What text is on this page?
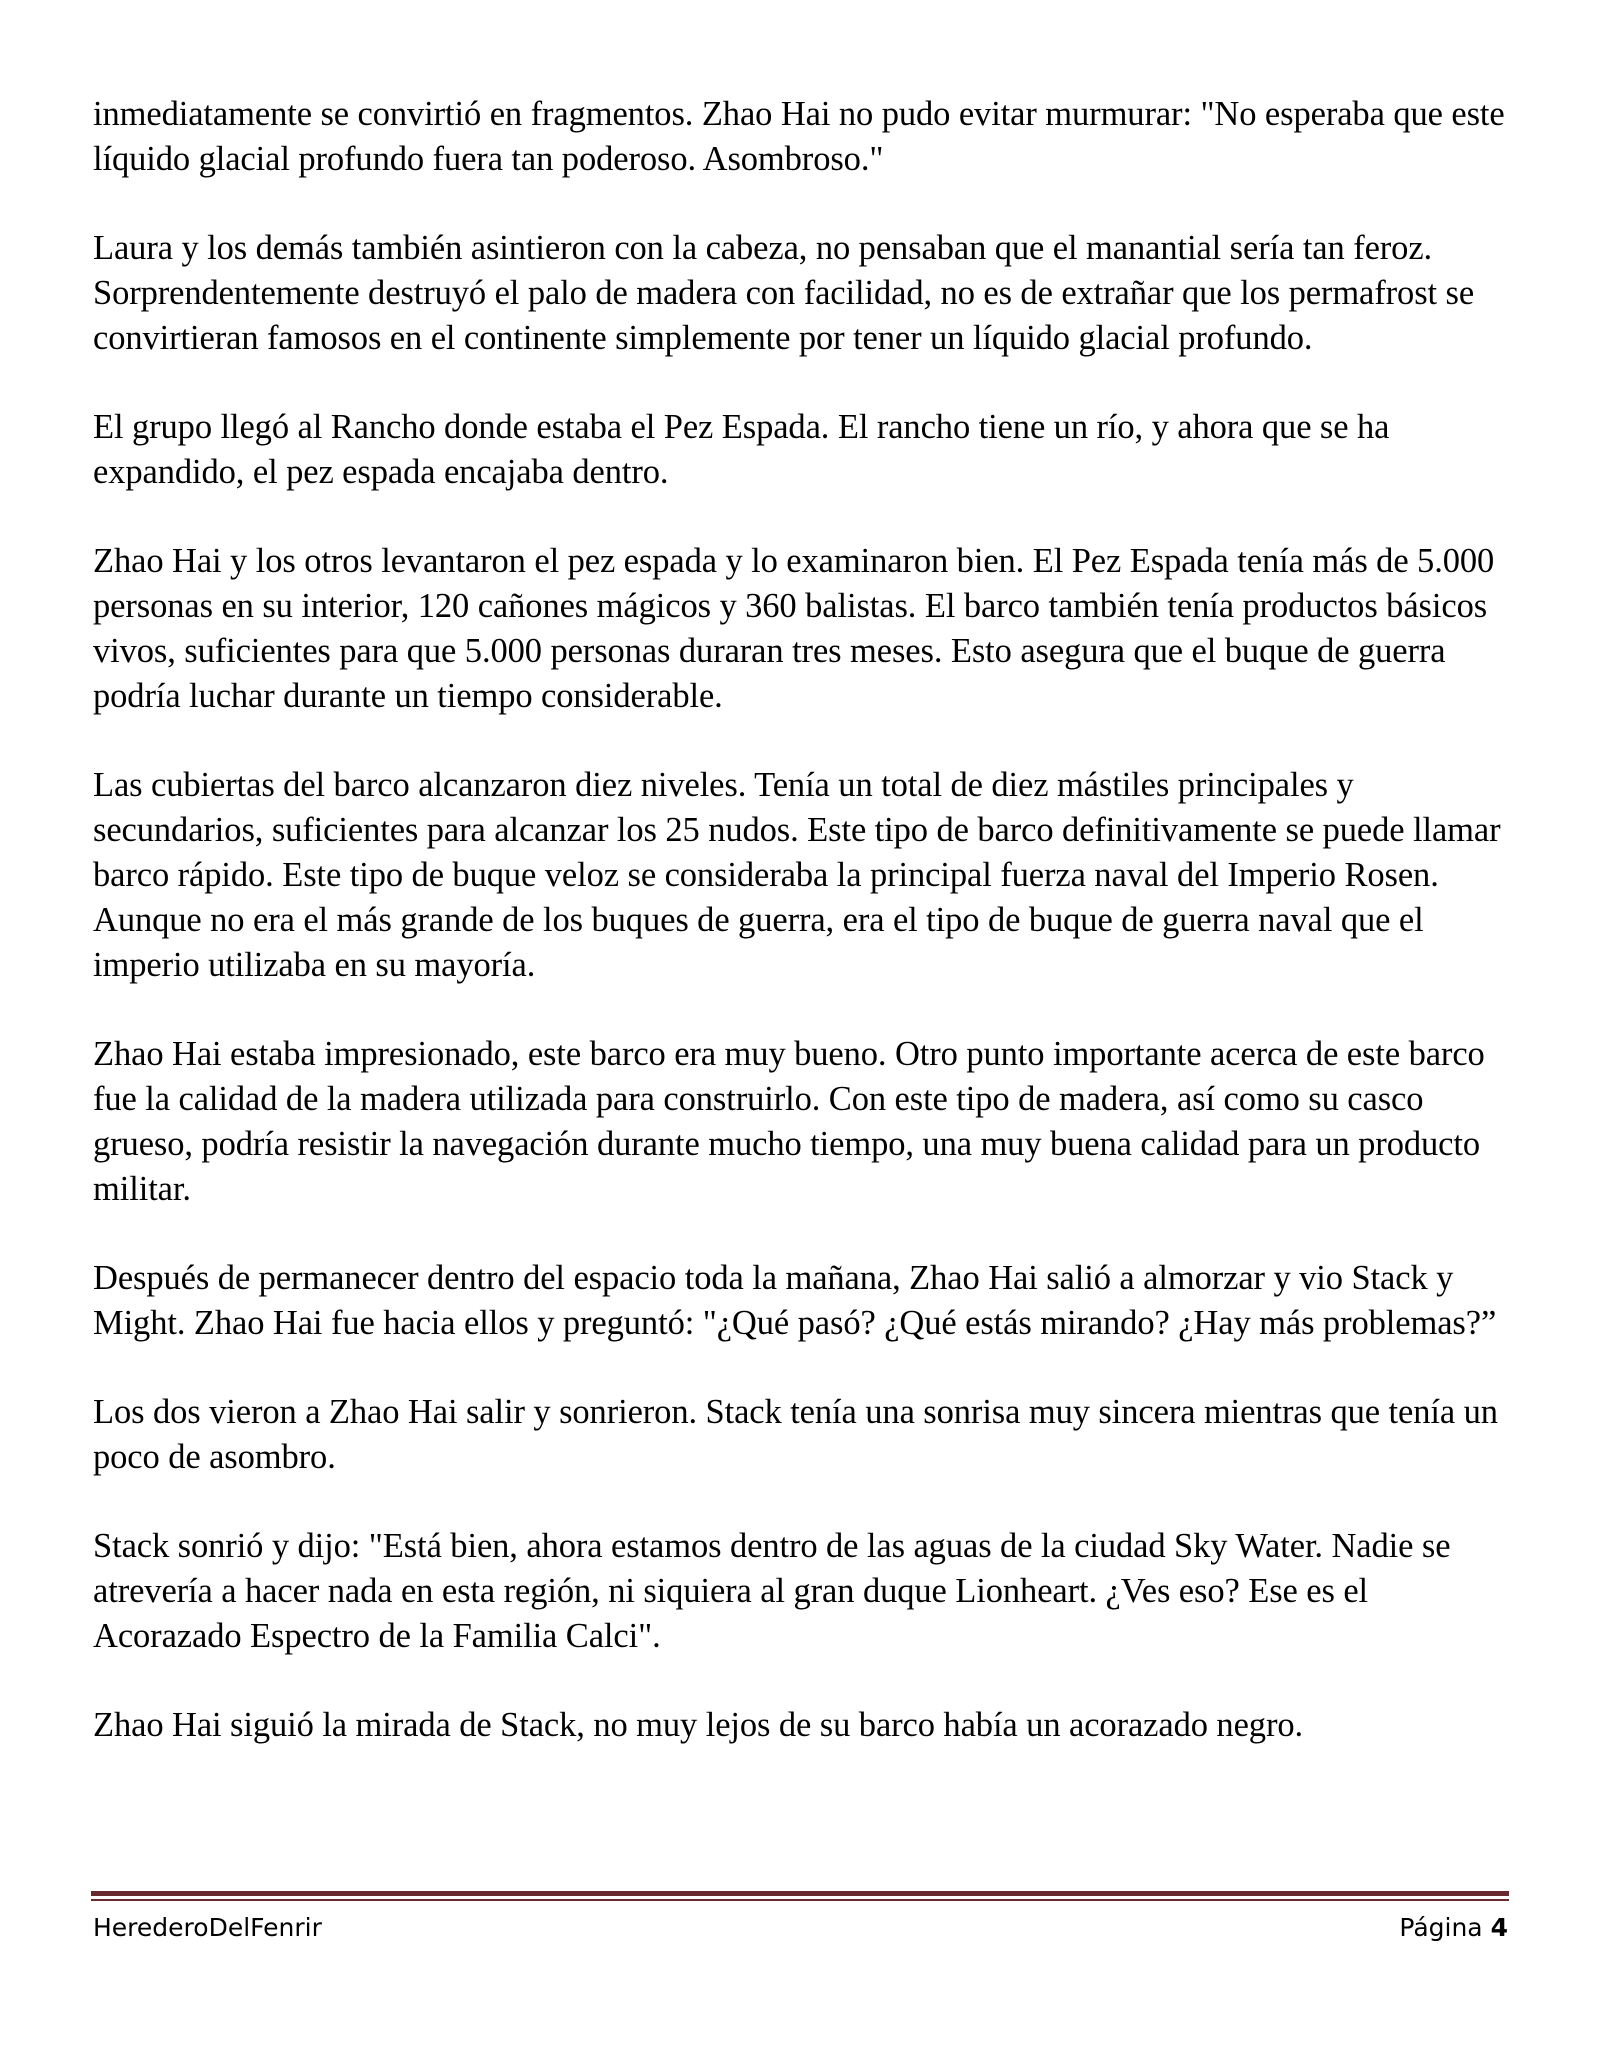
inmediatamente se convirtió en fragmentos. Zhao Hai no pudo evitar murmurar: "No esperaba que este líquido glacial profundo fuera tan poderoso. Asombroso."

Laura y los demás también asintieron con la cabeza, no pensaban que el manantial sería tan feroz. Sorprendentemente destruyó el palo de madera con facilidad, no es de extrañar que los permafrost se convirtieran famosos en el continente simplemente por tener un líquido glacial profundo.

El grupo llegó al Rancho donde estaba el Pez Espada. El rancho tiene un río, y ahora que se ha expandido, el pez espada encajaba dentro.

Zhao Hai y los otros levantaron el pez espada y lo examinaron bien. El Pez Espada tenía más de 5.000 personas en su interior, 120 cañones mágicos y 360 balistas. El barco también tenía productos básicos vivos, suficientes para que 5.000 personas duraran tres meses. Esto asegura que el buque de guerra podría luchar durante un tiempo considerable.

Las cubiertas del barco alcanzaron diez niveles. Tenía un total de diez mástiles principales y secundarios, suficientes para alcanzar los 25 nudos. Este tipo de barco definitivamente se puede llamar barco rápido. Este tipo de buque veloz se consideraba la principal fuerza naval del Imperio Rosen. Aunque no era el más grande de los buques de guerra, era el tipo de buque de guerra naval que el imperio utilizaba en su mayoría.

Zhao Hai estaba impresionado, este barco era muy bueno. Otro punto importante acerca de este barco fue la calidad de la madera utilizada para construirlo. Con este tipo de madera, así como su casco grueso, podría resistir la navegación durante mucho tiempo, una muy buena calidad para un producto militar.

Después de permanecer dentro del espacio toda la mañana, Zhao Hai salió a almorzar y vio Stack y Might. Zhao Hai fue hacia ellos y preguntó: "¿Qué pasó? ¿Qué estás mirando? ¿Hay más problemas?”

Los dos vieron a Zhao Hai salir y sonrieron. Stack tenía una sonrisa muy sincera mientras que tenía un poco de asombro.

Stack sonrió y dijo: "Está bien, ahora estamos dentro de las aguas de la ciudad Sky Water. Nadie se atrevería a hacer nada en esta región, ni siquiera al gran duque Lionheart. ¿Ves eso? Ese es el Acorazado Espectro de la Familia Calci".

Zhao Hai siguió la mirada de Stack, no muy lejos de su barco había un acorazado negro.

HerederoDelFenrir	Página 4
